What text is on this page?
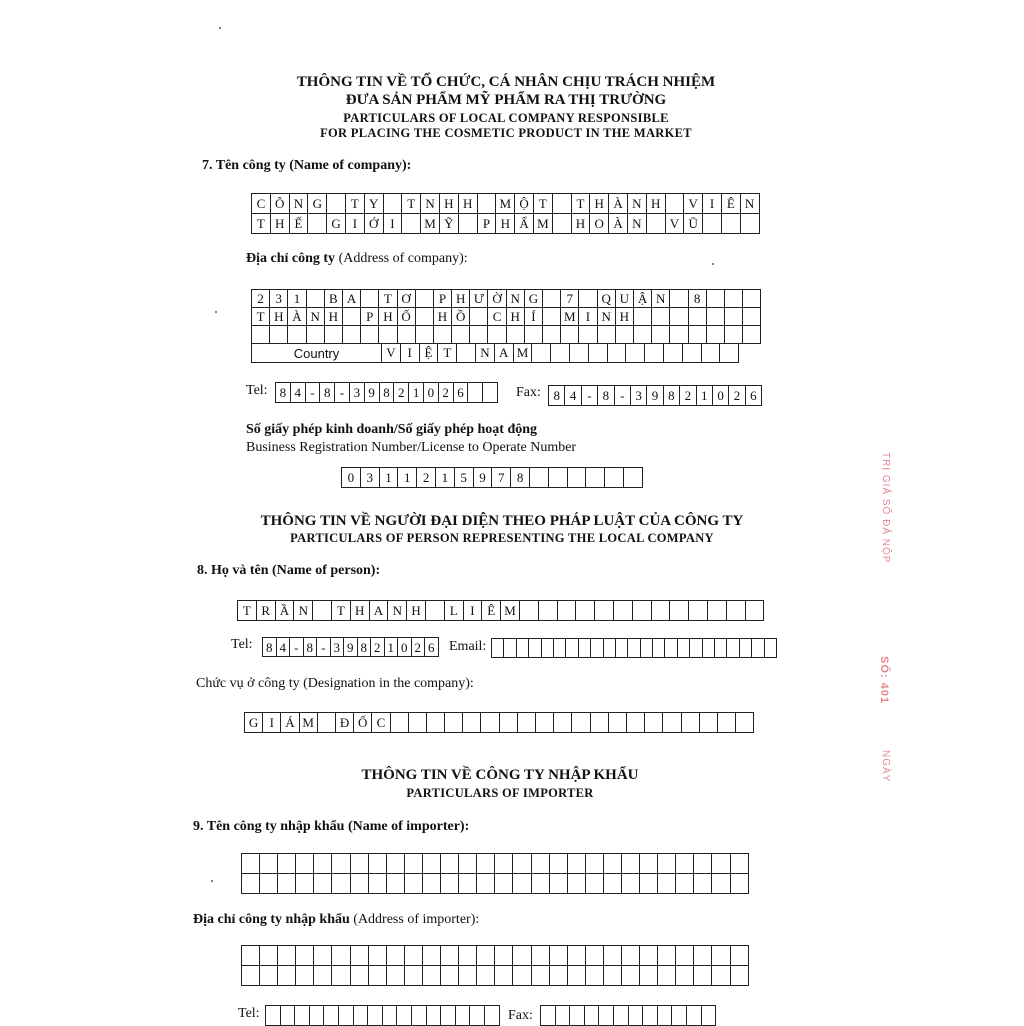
THÔNG TIN VỀ TỔ CHỨC, CÁ NHÂN CHỊU TRÁCH NHIỆM
ĐƯA SẢN PHẨM MỸ PHẨM RA THỊ TRƯỜNG
PARTICULARS OF LOCAL COMPANY RESPONSIBLE
FOR PLACING THE COSMETIC PRODUCT IN THE MARKET
7. Tên công ty (Name of company):
C Ô N G	T Y	T N H H	M Ộ T	T H À N H	V I Ê N
T H Ế	G I Ớ I	M Ỹ	P H Ẩ M	H O À N	V Ũ
Địa chỉ công ty (Address of company):
2 3 1	B A	T Ơ	P H Ư Ờ N G	7	Q U Ậ N	8
T H À N H	P H Ố	H Ồ	C H Í	M I N H
Country	V I Ệ T	N A M
Tel: 8 4 - 8 - 3 9 8 2 1 0 2 6	Fax: 8 4 - 8 - 3 9 8 2 1 0 2 6
Số giấy phép kinh doanh/Số giấy phép hoạt động
Business Registration Number/License to Operate Number
0 3 1 1 2 1 5 9 7 8
THÔNG TIN VỀ NGƯỜI ĐẠI DIỆN THEO PHÁP LUẬT CỦA CÔNG TY
PARTICULARS OF PERSON REPRESENTING THE LOCAL COMPANY
8. Họ và tên (Name of person):
T R Ầ N	T H A N H	L I Ê M
Tel:	8 4 - 8 - 3 9 8 2 1 0 2 6 Email:
Chức vụ ở công ty (Designation in the company):
G I Á M	Đ Ố C
THÔNG TIN VỀ CÔNG TY NHẬP KHẨU
PARTICULARS OF IMPORTER
9. Tên công ty nhập khẩu (Name of importer):
Địa chỉ công ty nhập khẩu (Address of importer):
Tel:	Fax:
TRỊ GIẢ SỐ ĐẢ NỘP
SỐ: 401
NGÀY
